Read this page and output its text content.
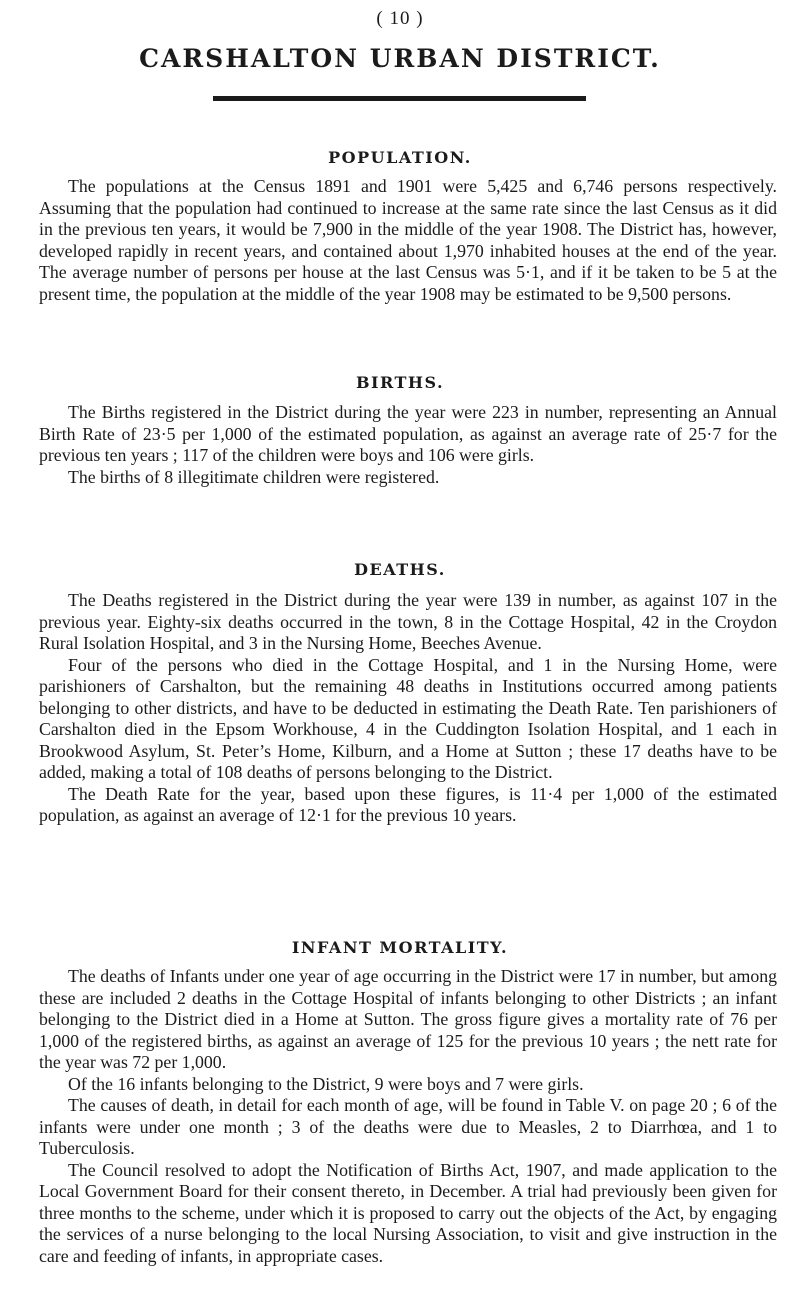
( 10 )
CARSHALTON URBAN DISTRICT.
POPULATION.

The populations at the Census 1891 and 1901 were 5,425 and 6,746 persons respectively. Assuming that the population had continued to increase at the same rate since the last Census as it did in the previous ten years, it would be 7,900 in the middle of the year 1908. The District has, however, developed rapidly in recent years, and contained about 1,970 inhabited houses at the end of the year. The average number of persons per house at the last Census was 5·1, and if it be taken to be 5 at the present time, the population at the middle of the year 1908 may be estimated to be 9,500 persons.

BIRTHS.

The Births registered in the District during the year were 223 in number, representing an Annual Birth Rate of 23·5 per 1,000 of the estimated population, as against an average rate of 25·7 for the previous ten years ; 117 of the children were boys and 106 were girls.

The births of 8 illegitimate children were registered.

DEATHS.

The Deaths registered in the District during the year were 139 in number, as against 107 in the previous year. Eighty-six deaths occurred in the town, 8 in the Cottage Hospital, 42 in the Croydon Rural Isolation Hospital, and 3 in the Nursing Home, Beeches Avenue.

Four of the persons who died in the Cottage Hospital, and 1 in the Nursing Home, were parishioners of Carshalton, but the remaining 48 deaths in Institutions occurred among patients belonging to other districts, and have to be deducted in estimating the Death Rate. Ten parishioners of Carshalton died in the Epsom Workhouse, 4 in the Cuddington Isolation Hospital, and 1 each in Brookwood Asylum, St. Peter’s Home, Kilburn, and a Home at Sutton ; these 17 deaths have to be added, making a total of 108 deaths of persons belonging to the District.

The Death Rate for the year, based upon these figures, is 11·4 per 1,000 of the estimated population, as against an average of 12·1 for the previous 10 years.

INFANT MORTALITY.

The deaths of Infants under one year of age occurring in the District were 17 in number, but among these are included 2 deaths in the Cottage Hospital of infants belonging to other Districts ; an infant belonging to the District died in a Home at Sutton. The gross figure gives a mortality rate of 76 per 1,000 of the registered births, as against an average of 125 for the previous 10 years ; the nett rate for the year was 72 per 1,000.

Of the 16 infants belonging to the District, 9 were boys and 7 were girls.

The causes of death, in detail for each month of age, will be found in Table V. on page 20 ; 6 of the infants were under one month ; 3 of the deaths were due to Measles, 2 to Diarrhœa, and 1 to Tuberculosis.

The Council resolved to adopt the Notification of Births Act, 1907, and made application to the Local Government Board for their consent thereto, in December. A trial had previously been given for three months to the scheme, under which it is proposed to carry out the objects of the Act, by engaging the services of a nurse belonging to the local Nursing Association, to visit and give instruction in the care and feeding of infants, in appropriate cases.
